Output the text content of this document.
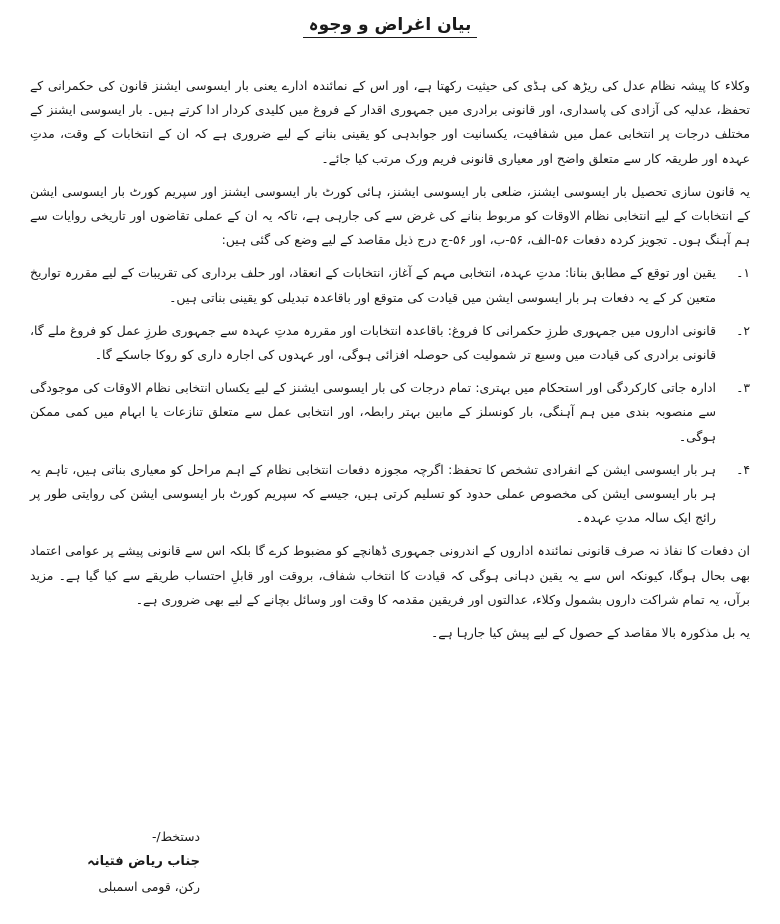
بیان اغراض و وجوہ

وکلاء کا پیشہ نظام عدل کی ریڑھ کی ہڈی کی حیثیت رکھتا ہے، اور اس کے نمائندہ ادارے یعنی بار ایسوسی ایشنز قانون کی حکمرانی کے تحفظ، عدلیہ کی آزادی کی پاسداری، اور قانونی برادری میں جمہوری اقدار کے فروغ میں کلیدی کردار ادا کرتے ہیں۔ بار ایسوسی ایشنز کے مختلف درجات پر انتخابی عمل میں شفافیت، یکسانیت اور جوابدہی کو یقینی بنانے کے لیے ضروری ہے کہ ان کے انتخابات کے وقت، مدتِ عہدہ اور طریقہ کار سے متعلق واضح اور معیاری قانونی فریم ورک مرتب کیا جائے۔

یہ قانون سازی تحصیل بار ایسوسی ایشنز، ضلعی بار ایسوسی ایشنز، ہائی کورٹ بار ایسوسی ایشنز اور سپریم کورٹ بار ایسوسی ایشن کے انتخابات کے لیے انتخابی نظام الاوقات کو مربوط بنانے کی غرض سے کی جارہی ہے، تاکہ یہ ان کے عملی تقاضوں اور تاریخی روایات سے ہم آہنگ ہوں۔ تجویز کردہ دفعات ۵۶-الف، ۵۶-ب، اور ۵۶-ج درج ذیل مقاصد کے لیے وضع کی گئی ہیں:

۱۔
یقین اور توقع کے مطابق بنانا: مدتِ عہدہ، انتخابی مہم کے آغاز، انتخابات کے انعقاد، اور حلف برداری کی تقریبات کے لیے مقررہ تواریخ متعین کر کے یہ دفعات ہر بار ایسوسی ایشن میں قیادت کی متوقع اور باقاعدہ تبدیلی کو یقینی بناتی ہیں۔
۲۔
قانونی اداروں میں جمہوری طرزِ حکمرانی کا فروغ: باقاعدہ انتخابات اور مقررہ مدتِ عہدہ سے جمہوری طرزِ عمل کو فروغ ملے گا، قانونی برادری کی قیادت میں وسیع تر شمولیت کی حوصلہ افزائی ہوگی، اور عہدوں کی اجارہ داری کو روکا جاسکے گا۔
۳۔
ادارہ جاتی کارکردگی اور استحکام میں بہتری: تمام درجات کی بار ایسوسی ایشنز کے لیے یکساں انتخابی نظام الاوقات کی موجودگی سے منصوبہ بندی میں ہم آہنگی، بار کونسلز کے مابین بہتر رابطہ، اور انتخابی عمل سے متعلق تنازعات یا ابہام میں کمی ممکن ہوگی۔
۴۔
ہر بار ایسوسی ایشن کے انفرادی تشخص کا تحفظ: اگرچہ مجوزہ دفعات انتخابی نظام کے اہم مراحل کو معیاری بناتی ہیں، تاہم یہ ہر بار ایسوسی ایشن کی مخصوص عملی حدود کو تسلیم کرتی ہیں، جیسے کہ سپریم کورٹ بار ایسوسی ایشن کی روایتی طور پر رائج ایک سالہ مدتِ عہدہ۔

ان دفعات کا نفاذ نہ صرف قانونی نمائندہ اداروں کے اندرونی جمہوری ڈھانچے کو مضبوط کرے گا بلکہ اس سے قانونی پیشے پر عوامی اعتماد بھی بحال ہوگا، کیونکہ اس سے یہ یقین دہانی ہوگی کہ قیادت کا انتخاب شفاف، بروقت اور قابلِ احتساب طریقے سے کیا گیا ہے۔ مزید برآں، یہ تمام شراکت داروں بشمول وکلاء، عدالتوں اور فریقین مقدمہ کا وقت اور وسائل بچانے کے لیے بھی ضروری ہے۔

یہ بل مذکورہ بالا مقاصد کے حصول کے لیے پیش کیا جارہا ہے۔

دستخط/-
جناب ریاض فتیانہ
رکن، قومی اسمبلی
